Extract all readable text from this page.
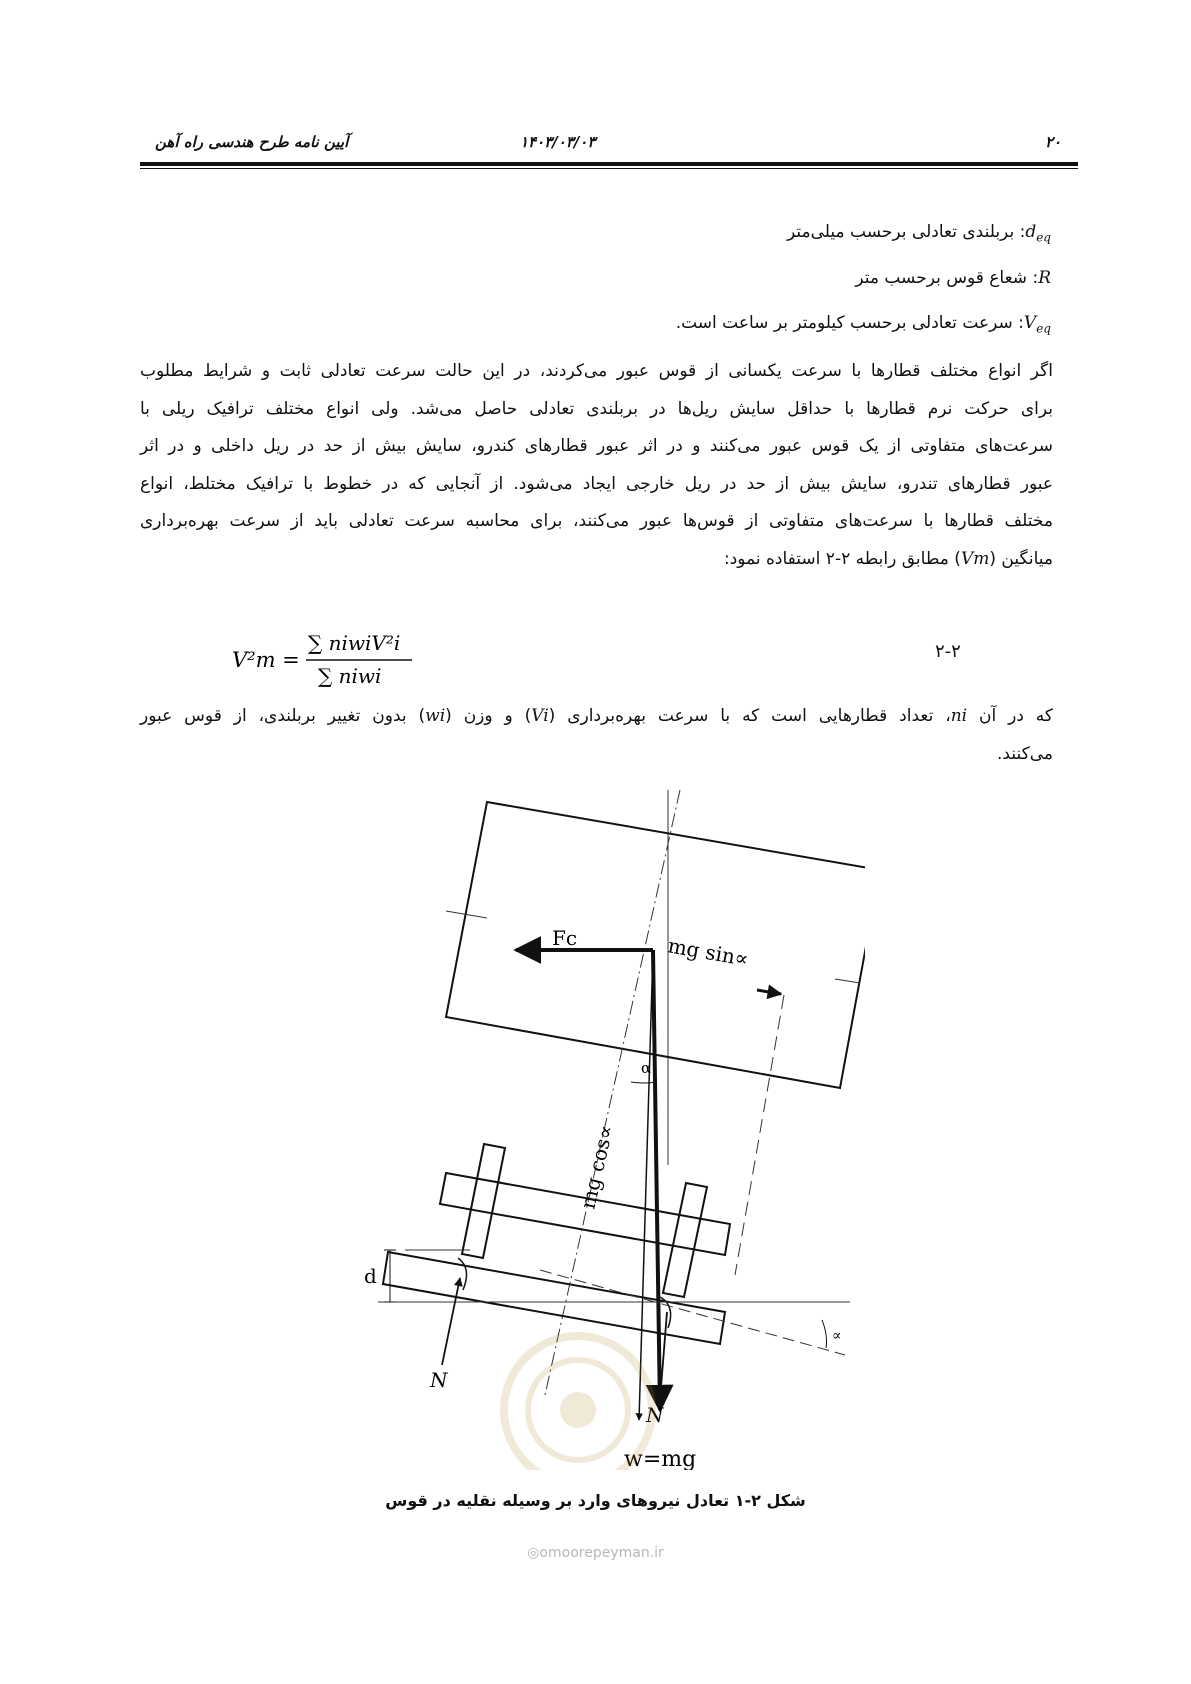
۲۰
۱۴۰۳/۰۳/۰۳
آیین نامه طرح هندسی راه آهن
$d_{eq}$: بربلندی تعادلی برحسب میلی‌متر
R: شعاع قوس برحسب متر
$V_{eq}$: سرعت تعادلی برحسب کیلومتر بر ساعت است.
اگر انواع مختلف قطارها با سرعت یکسانی از قوس عبور می‌کردند، در این حالت سرعت تعادلی ثابت و شرایط مطلوب
برای حرکت نرم قطارها با حداقل سایش ریل‌ها در بربلندی تعادلی حاصل می‌شد. ولی انواع مختلف ترافیک ریلی با
سرعت‌های متفاوتی از یک قوس عبور می‌کنند و در اثر عبور قطارهای کندرو، سایش بیش از حد در ریل داخلی و در اثر
عبور قطارهای تندرو، سایش بیش از حد در ریل خارجی ایجاد می‌شود. از آنجایی که در خطوط با ترافیک مختلط، انواع
مختلف قطارها با سرعت‌های متفاوتی از قوس‌ها عبور می‌کنند، برای محاسبه سرعت تعادلی باید از سرعت بهره‌برداری
میانگین (Vm) مطابق رابطه ۲-۲ استفاده نمود:
V²m =
∑ niwiV²i
∑ niwi
۲-۲
که در آن ni، تعداد قطارهایی است که با سرعت بهره‌برداری (Vi) و وزن (wi) بدون تغییر بربلندی، از قوس عبور
می‌کنند.
Fc	mg sin∝
mg cos∝
α
d
∝
N
N
w=mg
شکل ۲-۱ تعادل نیروهای وارد بر وسیله نقلیه در قوس
◎omoorepeyman.ir
